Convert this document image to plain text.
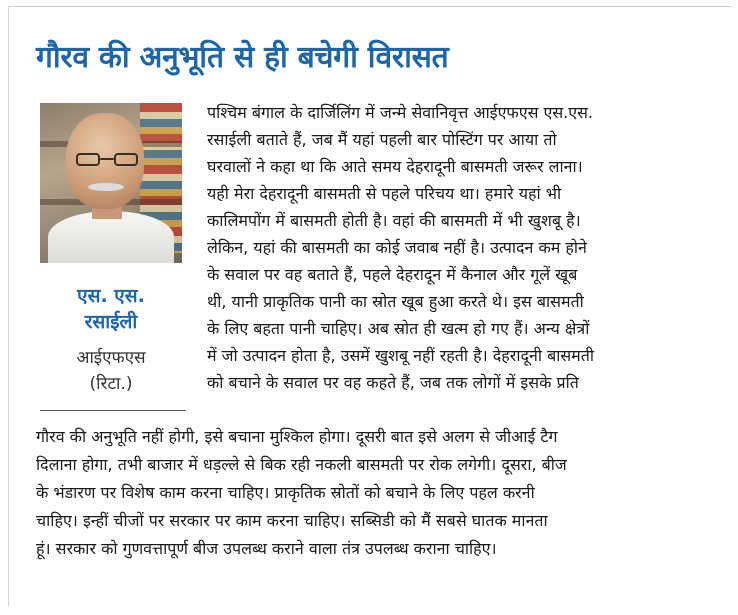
गौरव की अनुभूति से ही बचेगी विरासत
एस. एस.
रसाईली
आईएफएस
(रिटा.)

पश्चिम बंगाल के दार्जिलिंग में जन्मे सेवानिवृत्त आईएफएस एस.एस.

रसाईली बताते हैं, जब मैं यहां पहली बार पोस्टिंग पर आया तो

घरवालों ने कहा था कि आते समय देहरादूनी बासमती जरूर लाना।

यही मेरा देहरादूनी बासमती से पहले परिचय था। हमारे यहां भी

कालिमपोंग में बासमती होती है। वहां की बासमती में भी खुशबू है।

लेकिन, यहां की बासमती का कोई जवाब नहीं है। उत्पादन कम होने

के सवाल पर वह बताते हैं, पहले देहरादून में कैनाल और गूलें खूब

थी, यानी प्राकृतिक पानी का स्रोत खूब हुआ करते थे। इस बासमती

के लिए बहता पानी चाहिए। अब स्रोत ही खत्म हो गए हैं। अन्य क्षेत्रों

में जो उत्पादन होता है, उसमें खुशबू नहीं रहती है। देहरादूनी बासमती

को बचाने के सवाल पर वह कहते हैं, जब तक लोगों में इसके प्रति

गौरव की अनुभूति नहीं होगी, इसे बचाना मुश्किल होगा। दूसरी बात इसे अलग से जीआई टैग

दिलाना होगा, तभी बाजार में धड़ल्ले से बिक रही नकली बासमती पर रोक लगेगी। दूसरा, बीज

के भंडारण पर विशेष काम करना चाहिए। प्राकृतिक स्रोतों को बचाने के लिए पहल करनी

चाहिए। इन्हीं चीजों पर सरकार पर काम करना चाहिए। सब्सिडी को मैं सबसे घातक मानता

हूं। सरकार को गुणवत्तापूर्ण बीज उपलब्ध कराने वाला तंत्र उपलब्ध कराना चाहिए।
